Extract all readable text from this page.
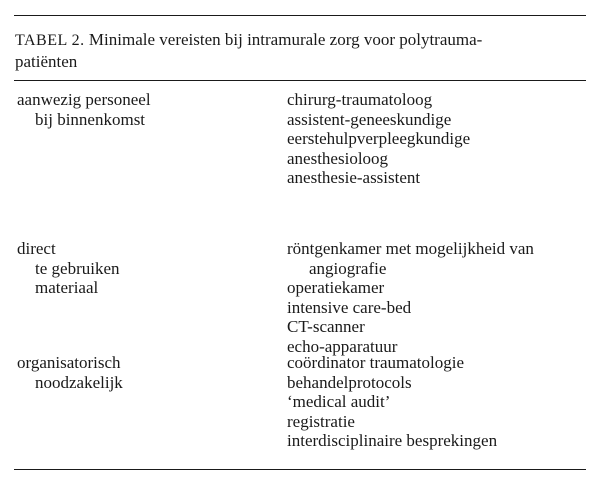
TABEL 2. Minimale vereisten bij intramurale zorg voor polytrauma-
patiënten
aanwezig personeel
bij binnenkomst
chirurg-traumatoloog
assistent-geneeskundige
eerstehulpverpleegkundige
anesthesioloog
anesthesie-assistent
direct
te gebruiken
materiaal
röntgenkamer met mogelijkheid van
angiografie
operatiekamer
intensive care-bed
CT-scanner
echo-apparatuur
organisatorisch
noodzakelijk
coördinator traumatologie
behandelprotocols
‘medical audit’
registratie
interdisciplinaire besprekingen
